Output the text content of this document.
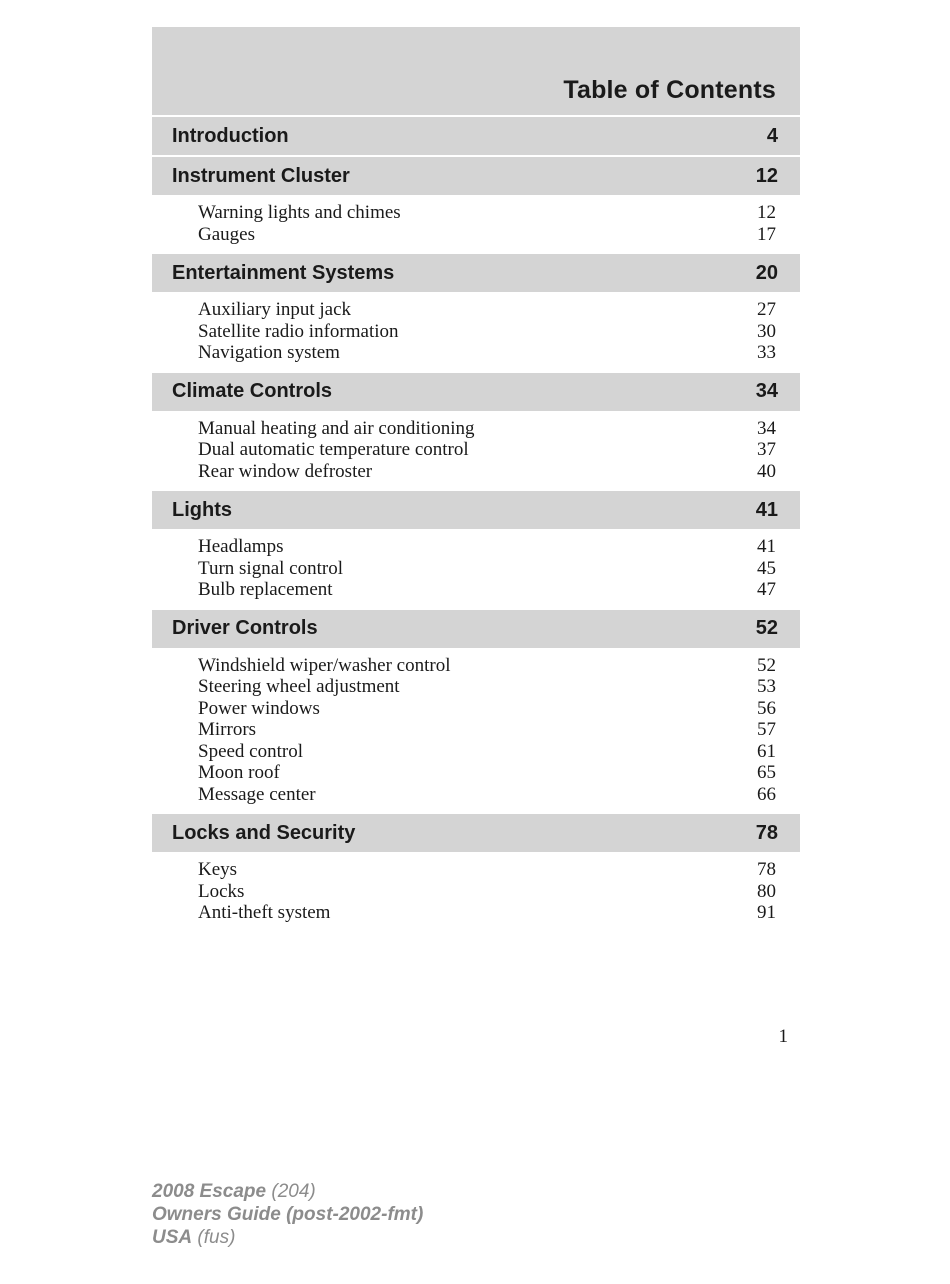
Table of Contents
Introduction	4
Instrument Cluster	12
Warning lights and chimes	12
Gauges	17
Entertainment Systems	20
Auxiliary input jack	27
Satellite radio information	30
Navigation system	33
Climate Controls	34
Manual heating and air conditioning	34
Dual automatic temperature control	37
Rear window defroster	40
Lights	41
Headlamps	41
Turn signal control	45
Bulb replacement	47
Driver Controls	52
Windshield wiper/washer control	52
Steering wheel adjustment	53
Power windows	56
Mirrors	57
Speed control	61
Moon roof	65
Message center	66
Locks and Security	78
Keys	78
Locks	80
Anti-theft system	91
1
2008 Escape (204)
Owners Guide (post-2002-fmt)
USA (fus)
